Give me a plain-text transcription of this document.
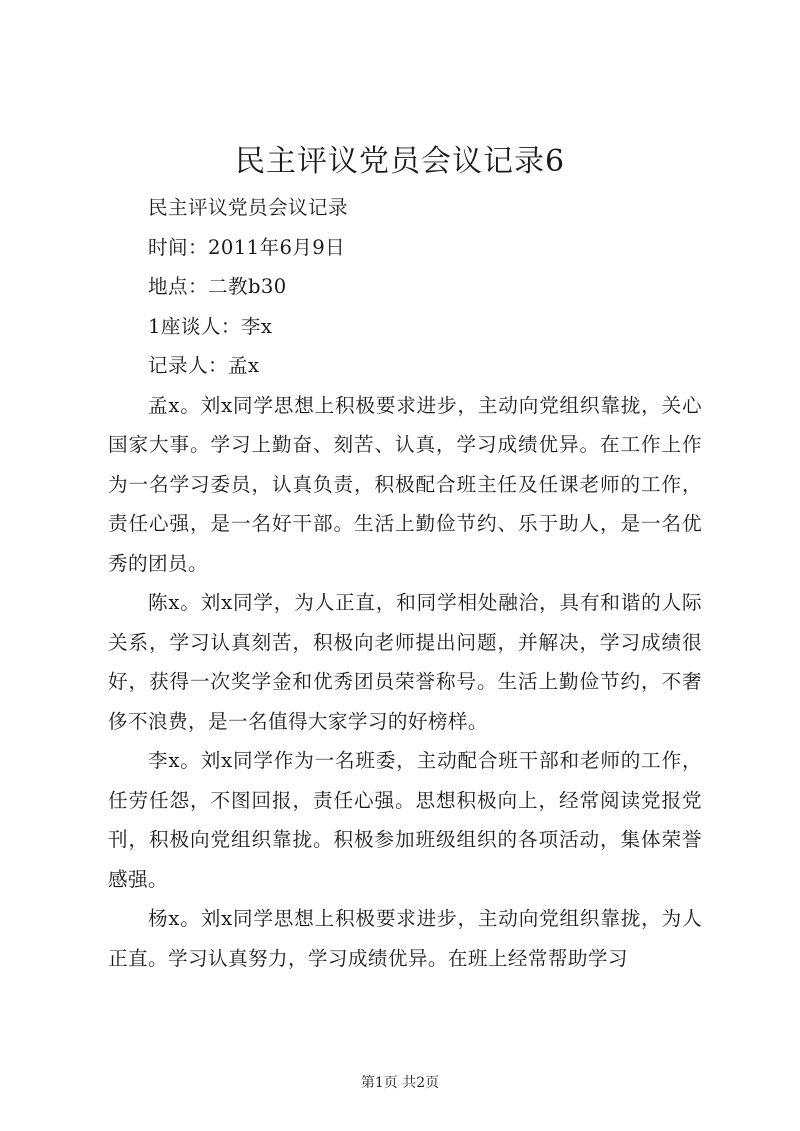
民主评议党员会议记录6

民主评议党员会议记录

时间：2011年6月9日

地点：二教b30

1座谈人：李x

记录人：孟x

孟x。刘x同学思想上积极要求进步，主动向党组织靠拢，关心国家大事。学习上勤奋、刻苦、认真，学习成绩优异。在工作上作为一名学习委员，认真负责，积极配合班主任及任课老师的工作，责任心强，是一名好干部。生活上勤俭节约、乐于助人，是一名优秀的团员。

陈x。刘x同学，为人正直，和同学相处融洽，具有和谐的人际关系，学习认真刻苦，积极向老师提出问题，并解决，学习成绩很好，获得一次奖学金和优秀团员荣誉称号。生活上勤俭节约，不奢侈不浪费，是一名值得大家学习的好榜样。

李x。刘x同学作为一名班委，主动配合班干部和老师的工作，任劳任怨，不图回报，责任心强。思想积极向上，经常阅读党报党刊，积极向党组织靠拢。积极参加班级组织的各项活动，集体荣誉感强。

杨x。刘x同学思想上积极要求进步，主动向党组织靠拢，为人正直。学习认真努力，学习成绩优异。在班上经常帮助学习

第1页 共2页
